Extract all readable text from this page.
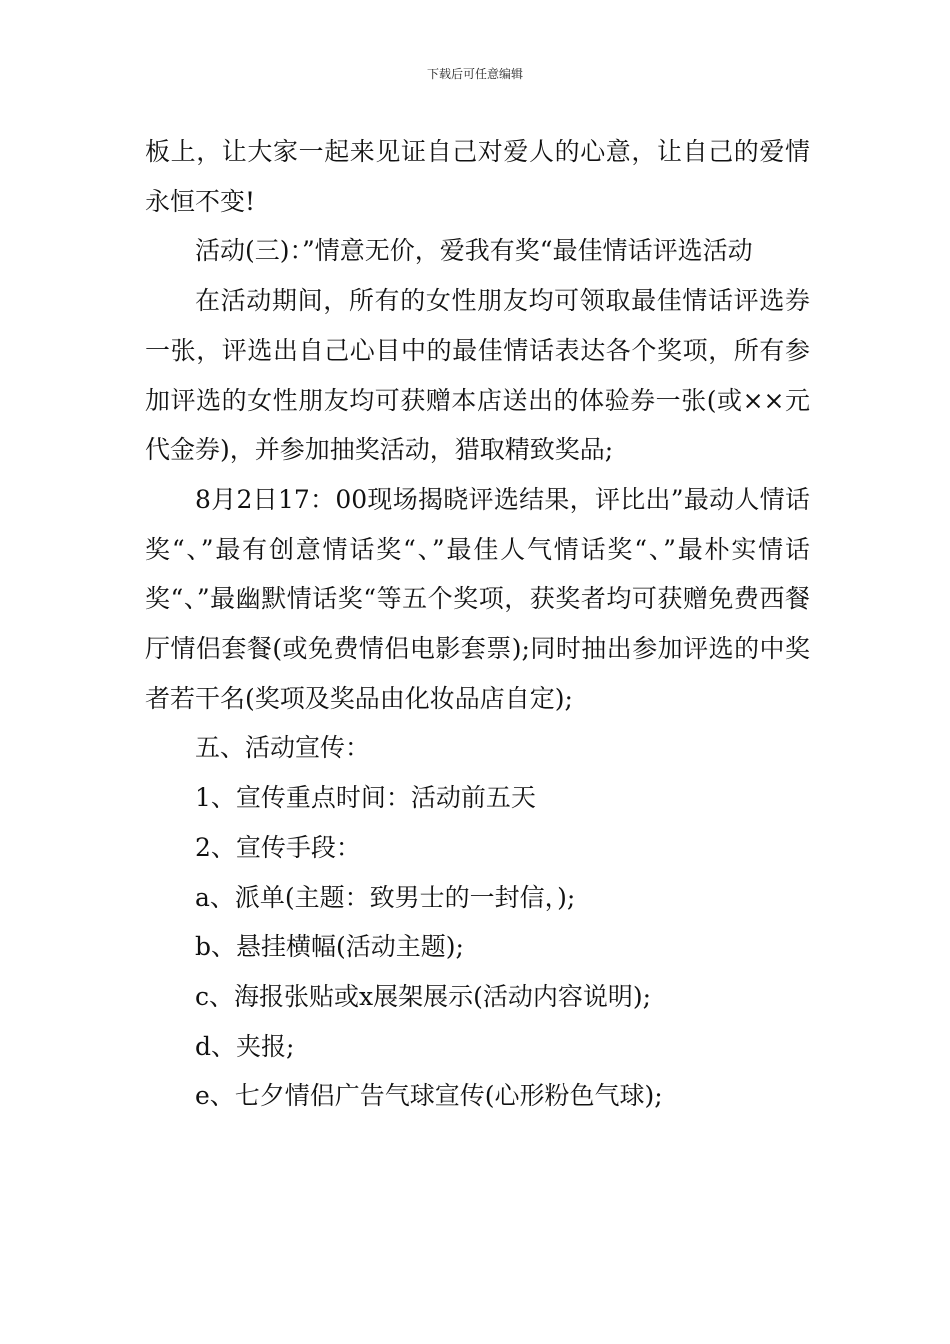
下载后可任意编辑

板上，让大家一起来见证自己对爱人的心意，让自己的爱情永恒不变!

活动(三)：”情意无价，爱我有奖“最佳情话评选活动

在活动期间，所有的女性朋友均可领取最佳情话评选券一张，评选出自己心目中的最佳情话表达各个奖项，所有参加评选的女性朋友均可获赠本店送出的体验券一张(或××元代金券)，并参加抽奖活动，猎取精致奖品;

8月2日17：00现场揭晓评选结果，评比出”最动人情话奖“、”最有创意情话奖“、”最佳人气情话奖“、”最朴实情话奖“、”最幽默情话奖“等五个奖项，获奖者均可获赠免费西餐厅情侣套餐(或免费情侣电影套票);同时抽出参加评选的中奖者若干名(奖项及奖品由化妆品店自定);

五、活动宣传：

1、宣传重点时间：活动前五天

2、宣传手段：

a、派单(主题：致男士的一封信，);

b、悬挂横幅(活动主题);

c、海报张贴或x展架展示(活动内容说明);

d、夹报;

e、七夕情侣广告气球宣传(心形粉色气球);
